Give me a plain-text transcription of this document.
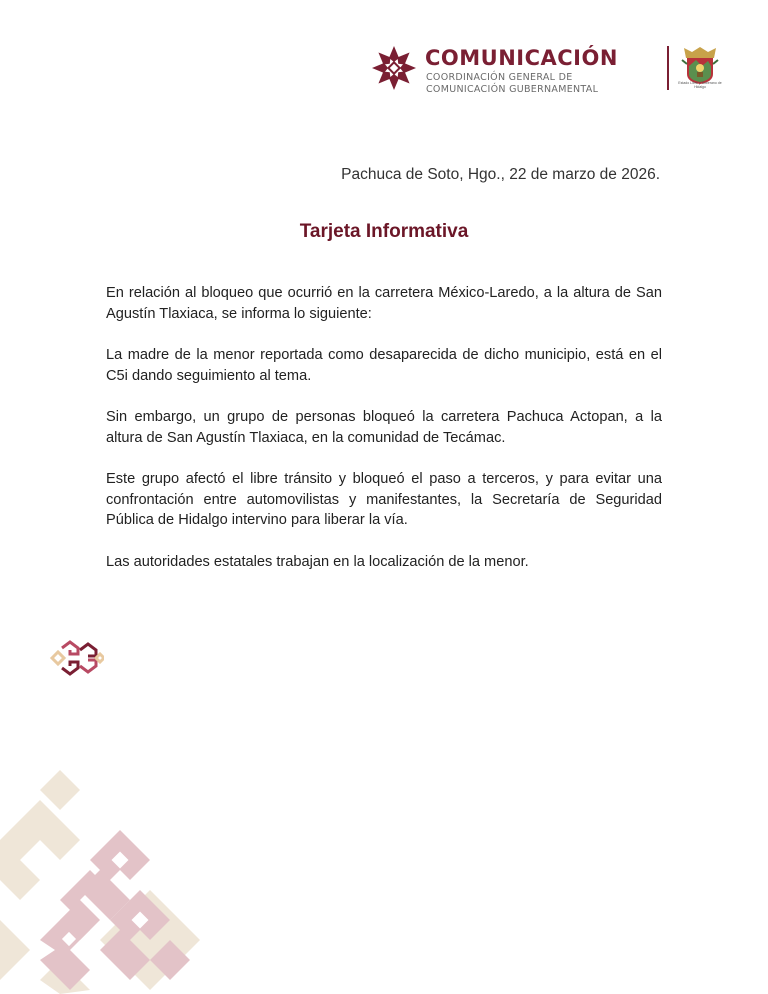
COMUNICACIÓN
COORDINACIÓN GENERAL DE
COMUNICACIÓN GUBERNAMENTAL
Estado Libre y Soberano de Hidalgo
Pachuca de Soto, Hgo., 22 de marzo de 2026.
Tarjeta Informativa

En relación al bloqueo que ocurrió en la carretera México-Laredo, a la altura de San Agustín Tlaxiaca, se informa lo siguiente:

La madre de la menor reportada como desaparecida de dicho municipio, está en el C5i dando seguimiento al tema.

Sin embargo, un grupo de personas bloqueó la carretera Pachuca Actopan, a la altura de San Agustín Tlaxiaca, en la comunidad de Tecámac.

Este grupo afectó el libre tránsito y bloqueó el paso a terceros, y para evitar una confrontación entre automovilistas y manifestantes, la Secretaría de Seguridad Pública de Hidalgo intervino para liberar la vía.

Las autoridades estatales trabajan en la localización de la menor.
